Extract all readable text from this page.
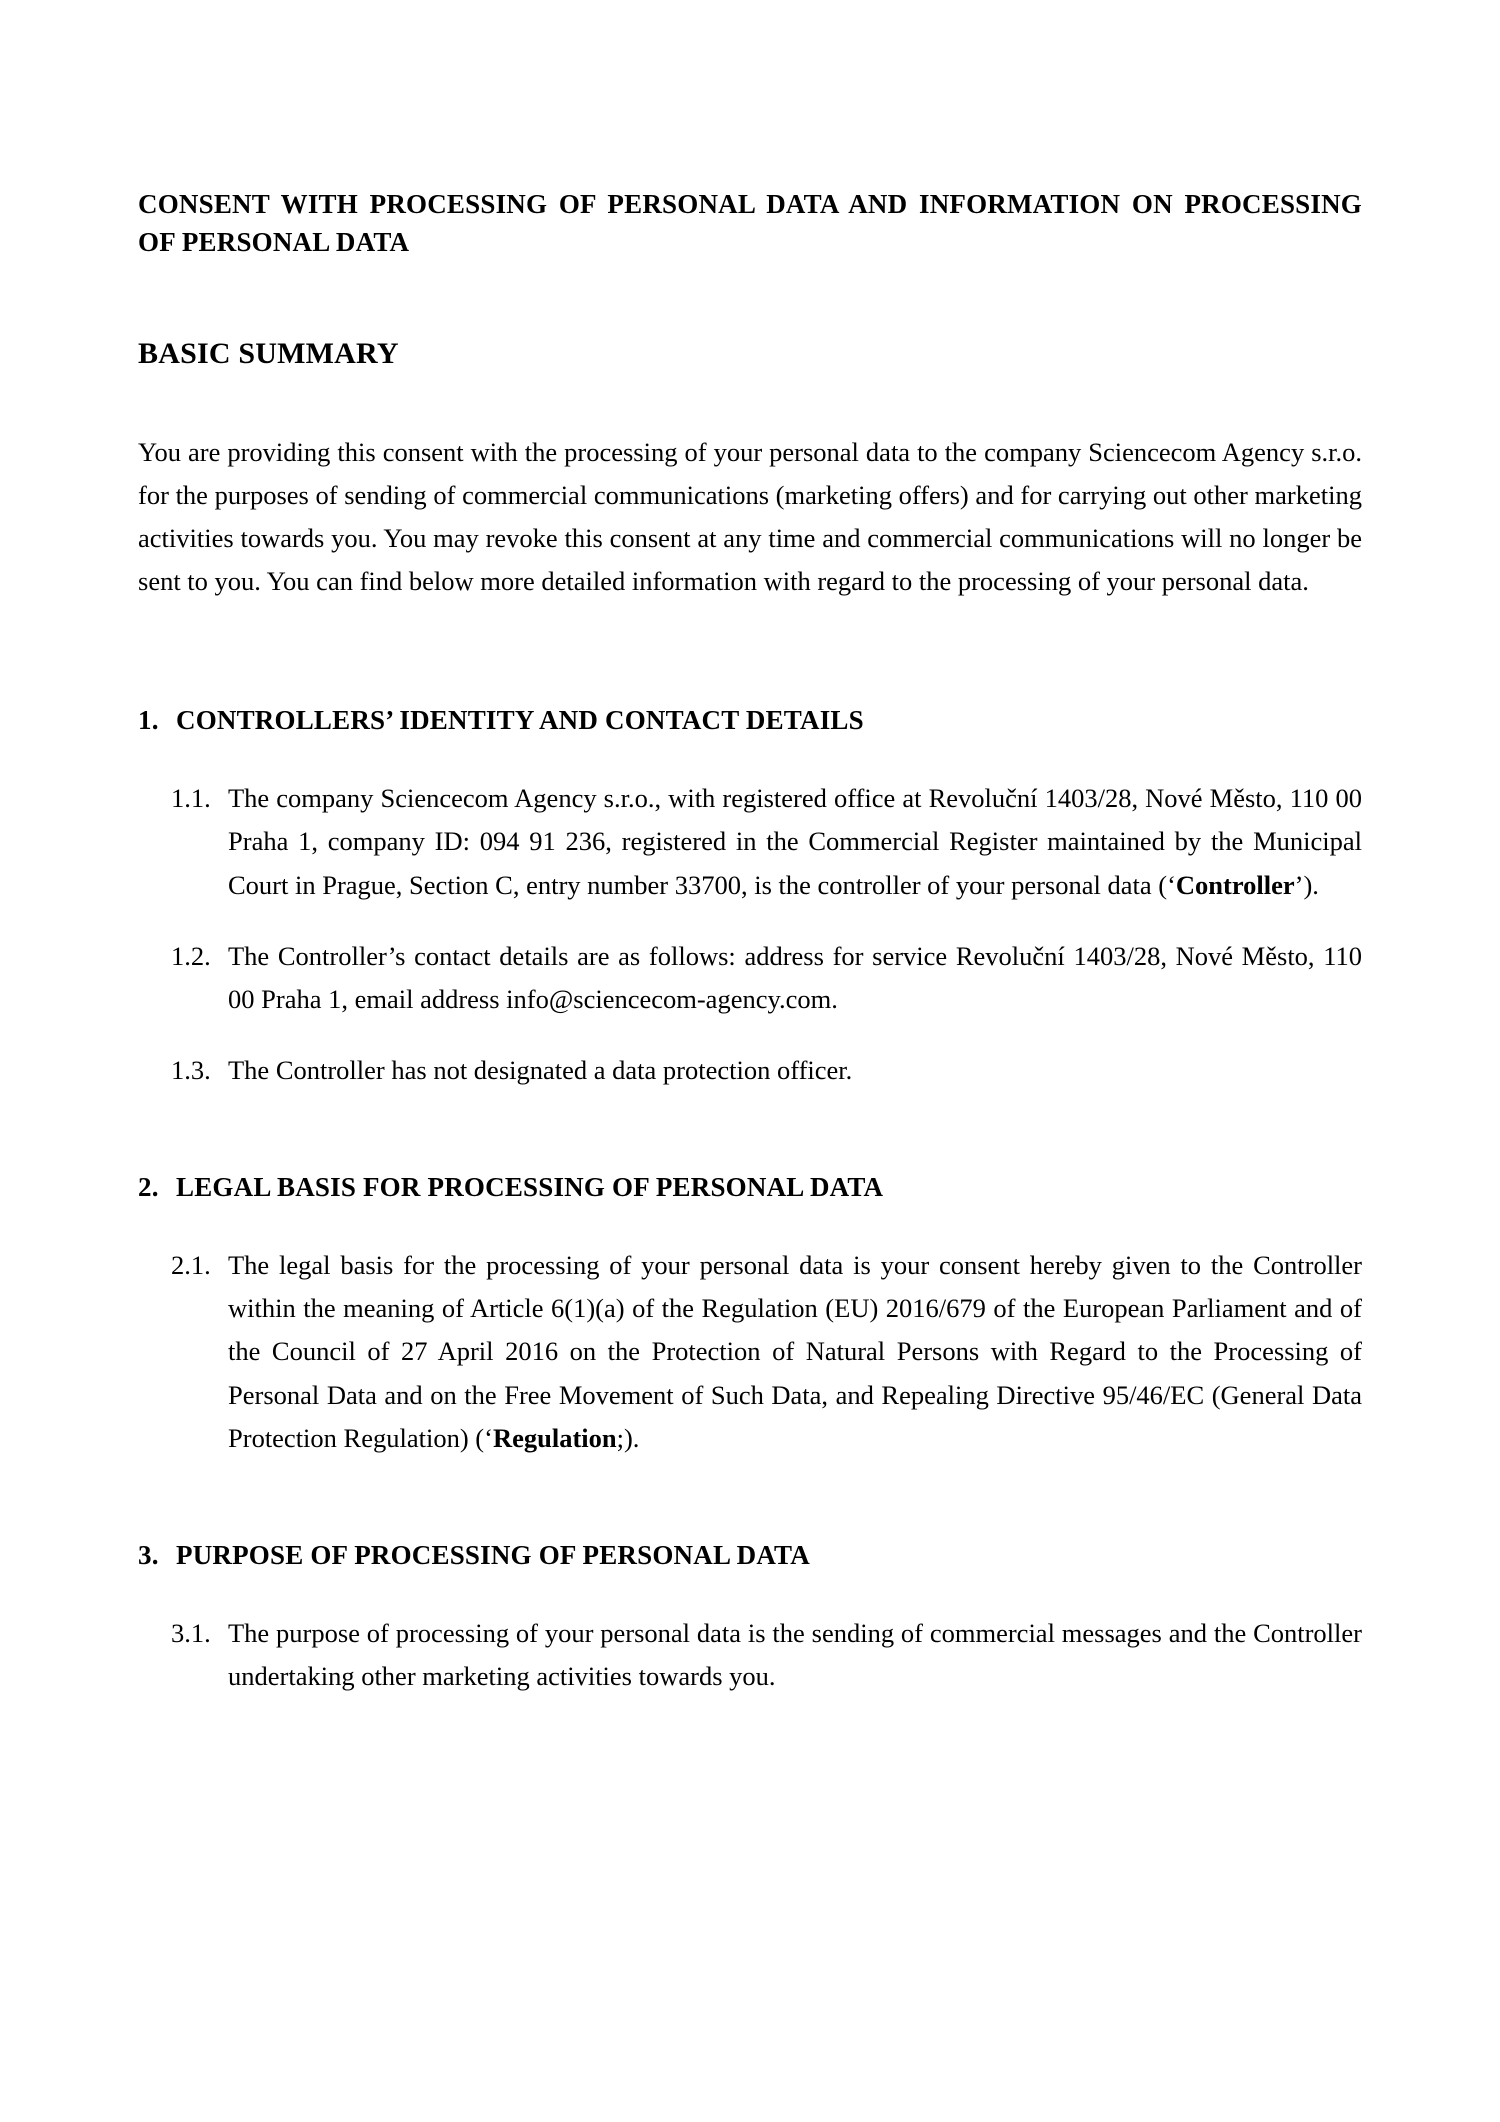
CONSENT WITH PROCESSING OF PERSONAL DATA AND INFORMATION ON PROCESSING OF PERSONAL DATA
BASIC SUMMARY

You are providing this consent with the processing of your personal data to the company Sciencecom Agency s.r.o. for the purposes of sending of commercial communications (marketing offers) and for carrying out other marketing activities towards you. You may revoke this consent at any time and commercial communications will no longer be sent to you. You can find below more detailed information with regard to the processing of your personal data.

1. CONTROLLERS’ IDENTITY AND CONTACT DETAILS
1.1. The company Sciencecom Agency s.r.o., with registered office at Revoluční 1403/28, Nové Město, 110 00 Praha 1, company ID: 094 91 236, registered in the Commercial Register maintained by the Municipal Court in Prague, Section C, entry number 33700, is the controller of your personal data (‘Controller’).
1.2. The Controller’s contact details are as follows: address for service Revoluční 1403/28, Nové Město, 110 00 Praha 1, email address info@sciencecom-agency.com.
1.3. The Controller has not designated a data protection officer.
2. LEGAL BASIS FOR PROCESSING OF PERSONAL DATA
2.1. The legal basis for the processing of your personal data is your consent hereby given to the Controller within the meaning of Article 6(1)(a) of the Regulation (EU) 2016/679 of the European Parliament and of the Council of 27 April 2016 on the Protection of Natural Persons with Regard to the Processing of Personal Data and on the Free Movement of Such Data, and Repealing Directive 95/46/EC (General Data Protection Regulation) (‘Regulation;).
3. PURPOSE OF PROCESSING OF PERSONAL DATA
3.1. The purpose of processing of your personal data is the sending of commercial messages and the Controller undertaking other marketing activities towards you.
